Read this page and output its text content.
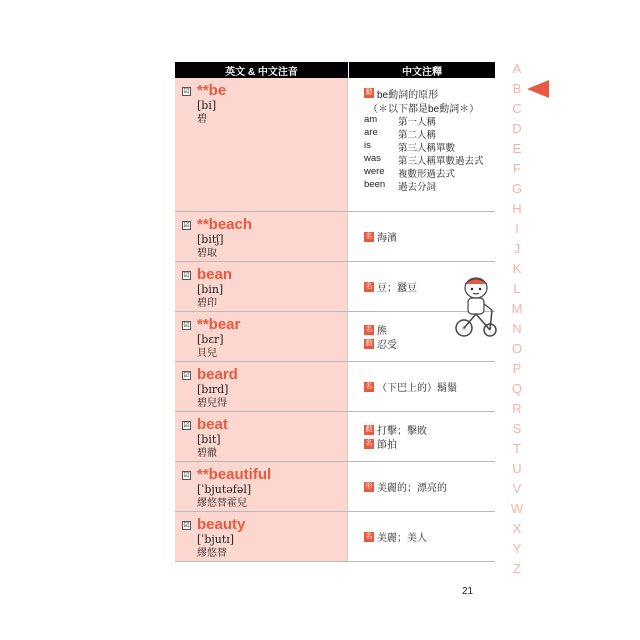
英文 & 中文注音	中文注釋
☑ **be
[bi]
碧
動 be動詞的原形
（＊以下都是be動詞＊）
am	第一人稱
are	第二人稱
is	第三人稱單數
was	第三人稱單數過去式
were	複數形過去式
been	過去分詞
☑ **beach
[bitʃ]
碧取
名 海濱
☑ bean
[bin]
碧印
名 豆；蠶豆
☑ **bear
[bɛr]
貝兒
名 熊
動 忍受
☑ beard
[bɪrd]
碧兒得
名 （下巴上的）鬍鬚
☑ beat
[bit]
碧徹
動 打擊；擊敗
名 節拍
☑ **beautiful
[ˈbjutəfəl]
繆悠替霍兒
形 美麗的；漂亮的
☑ beauty
[ˈbjutɪ]
繆悠替
名 美麗；美人
A
B
C
D
E
F
G
H
I
J
K
L
M
N
O
P
Q
R
S
T
U
V
W
X
Y
Z
21
